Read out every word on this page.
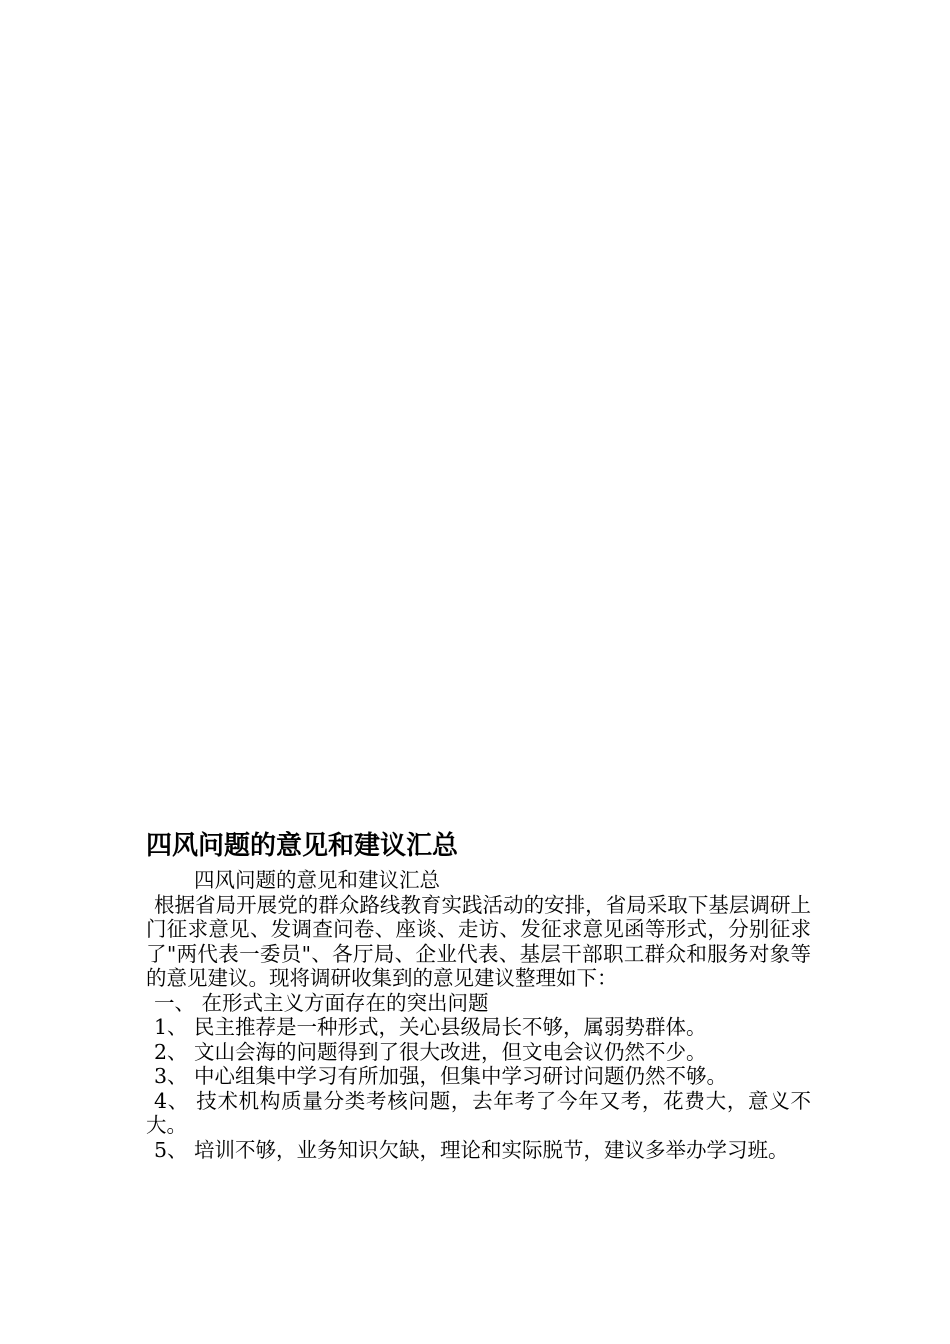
四风问题的意见和建议汇总

四风问题的意见和建议汇总

根据省局开展党的群众路线教育实践活动的安排，省局采取下基层调研上门征求意见、发调查问卷、座谈、走访、发征求意见函等形式，分别征求了"两代表一委员"、各厅局、企业代表、基层干部职工群众和服务对象等的意见建议。现将调研收集到的意见建议整理如下：

一、 在形式主义方面存在的突出问题

1、 民主推荐是一种形式，关心县级局长不够，属弱势群体。

2、 文山会海的问题得到了很大改进，但文电会议仍然不少。

3、 中心组集中学习有所加强，但集中学习研讨问题仍然不够。

4、 技术机构质量分类考核问题，去年考了今年又考，花费大，意义不大。

5、 培训不够，业务知识欠缺，理论和实际脱节，建议多举办学习班。
